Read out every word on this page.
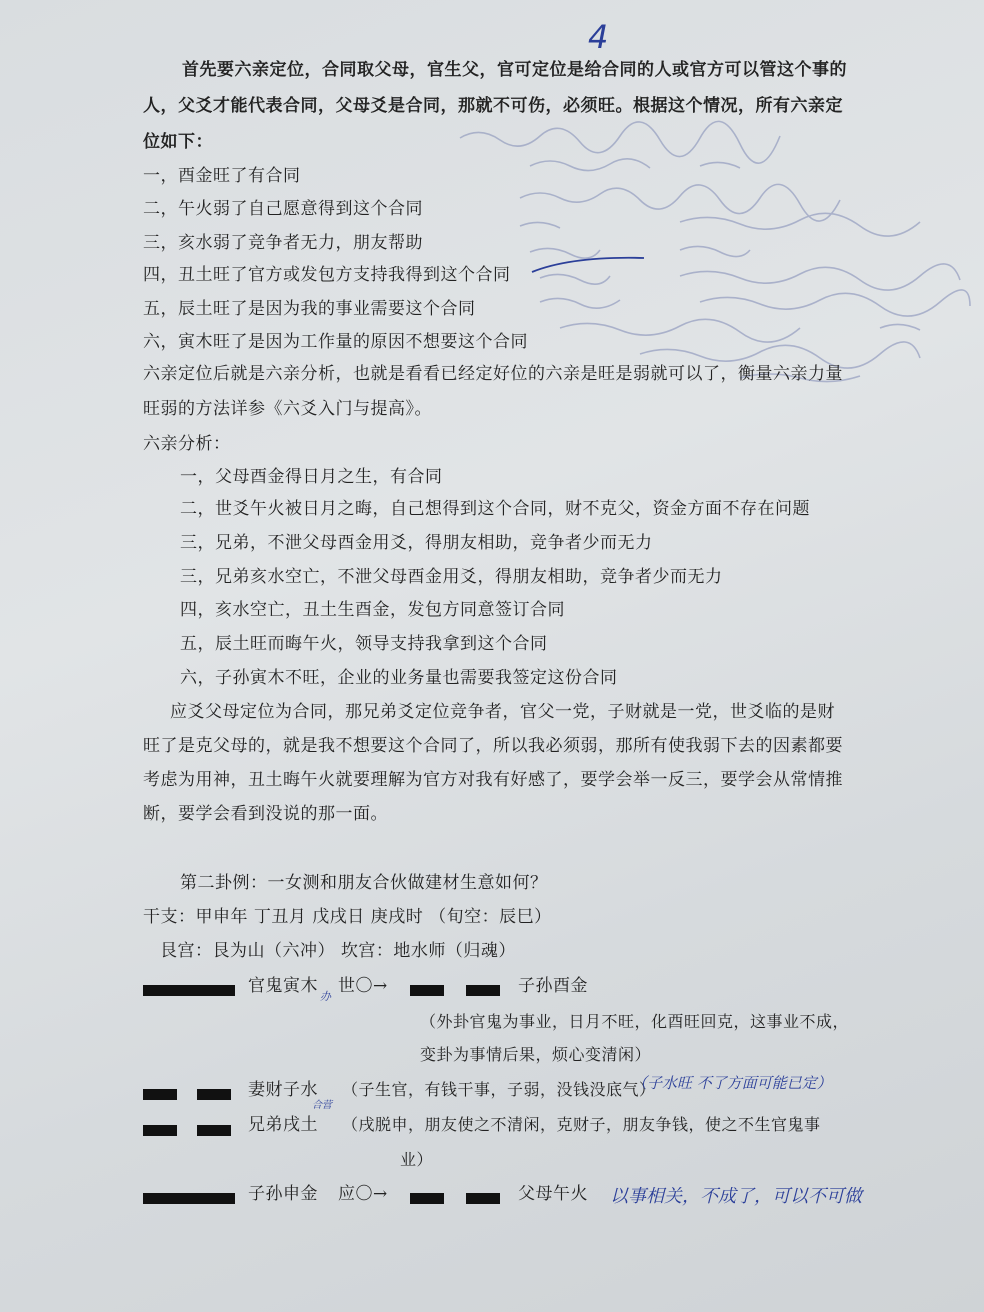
4
首先要六亲定位，合同取父母，官生父，官可定位是给合同的人或官方可以管这个事的
人，父爻才能代表合同，父母爻是合同，那就不可伤，必须旺。根据这个情况，所有六亲定
位如下：
一，酉金旺了有合同
二，午火弱了自己愿意得到这个合同
三，亥水弱了竞争者无力，朋友帮助
四，丑土旺了官方或发包方支持我得到这个合同
五，辰土旺了是因为我的事业需要这个合同
六，寅木旺了是因为工作量的原因不想要这个合同
六亲定位后就是六亲分析，也就是看看已经定好位的六亲是旺是弱就可以了，衡量六亲力量
旺弱的方法详参《六爻入门与提高》。
六亲分析：
一，父母酉金得日月之生，有合同
二，世爻午火被日月之晦，自己想得到这个合同，财不克父，资金方面不存在问题
三，兄弟，不泄父母酉金用爻，得朋友相助，竞争者少而无力
三，兄弟亥水空亡，不泄父母酉金用爻，得朋友相助，竞争者少而无力
四，亥水空亡，丑土生酉金，发包方同意签订合同
五，辰土旺而晦午火，领导支持我拿到这个合同
六，子孙寅木不旺，企业的业务量也需要我签定这份合同
应爻父母定位为合同，那兄弟爻定位竞争者，官父一党，子财就是一党，世爻临的是财
旺了是克父母的，就是我不想要这个合同了，所以我必须弱，那所有使我弱下去的因素都要
考虑为用神，丑土晦午火就要理解为官方对我有好感了，要学会举一反三，要学会从常情推
断，要学会看到没说的那一面。
第二卦例：一女测和朋友合伙做建材生意如何？
干支：甲申年 丁丑月 戊戌日 庚戌时 （旬空：辰巳）
艮宫：艮为山（六冲） 坎宫：地水师（归魂）
官鬼寅木
办
世〇→	子孙酉金
（外卦官鬼为事业，日月不旺，化酉旺回克，这事业不成，
变卦为事情后果，烦心变清闲）
妻财子水
合营
（子生官，有钱干事，子弱，没钱没底气）
（子水旺 不了方面可能已定）
兄弟戌土 （戌脱申，朋友使之不清闲，克财子，朋友争钱，使之不生官鬼事
业）
子孙申金 应〇→	父母午火 以事相关，不成了，可以不可做
